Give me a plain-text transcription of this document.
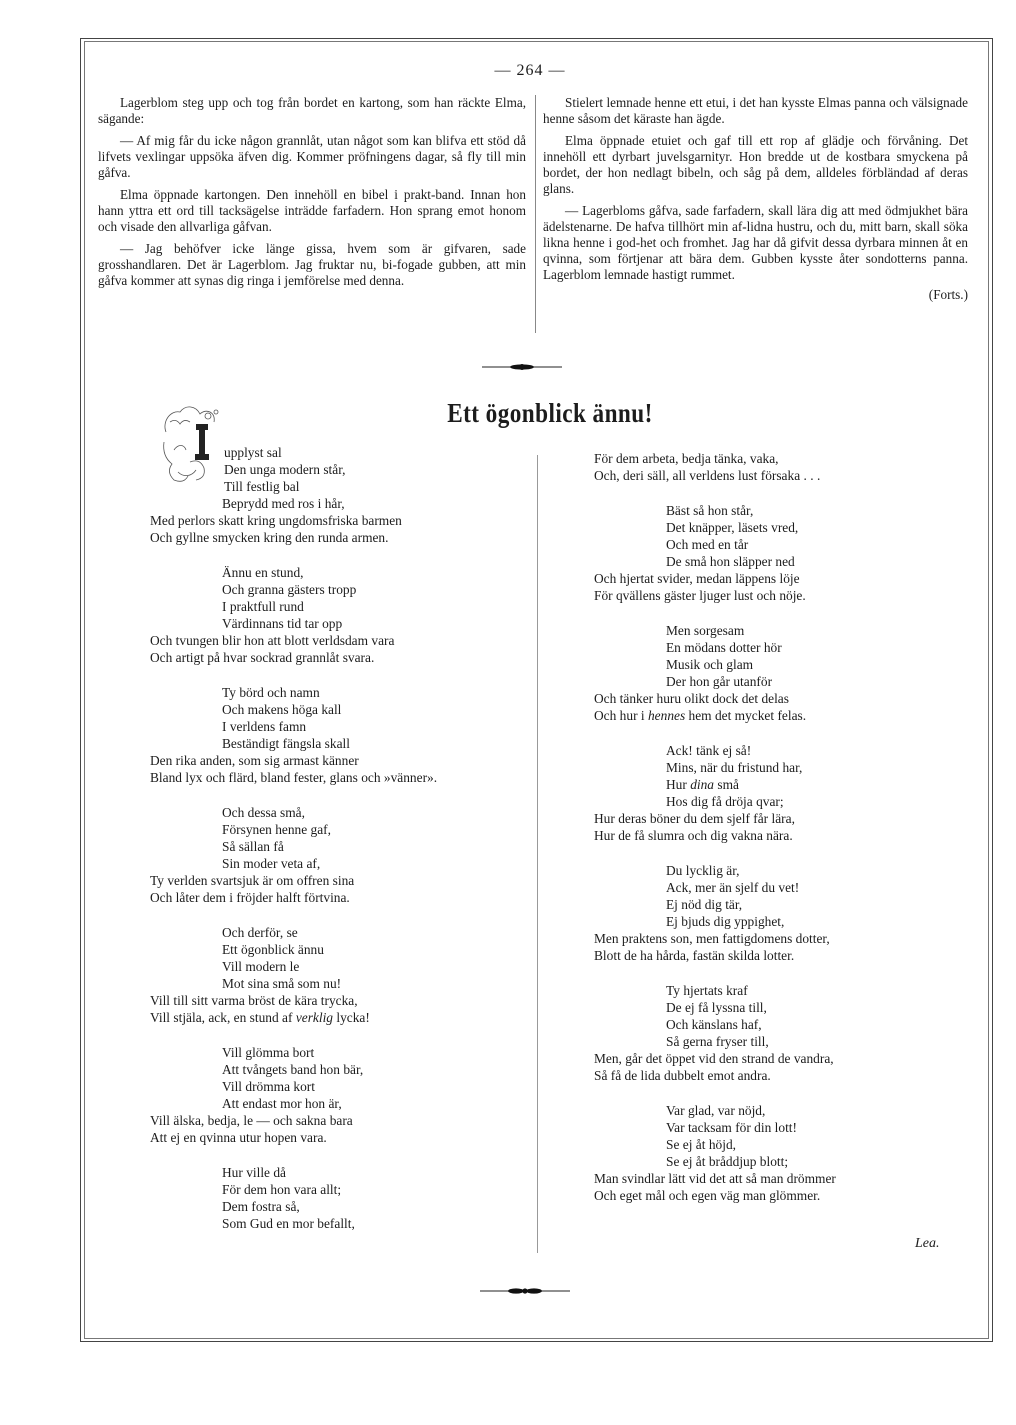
— 264 —

Lagerblom steg upp och tog från bordet en kartong, som han räckte Elma, sägande:

— Af mig får du icke någon grannlåt, utan något som kan blifva ett stöd då lifvets vexlingar uppsöka äfven dig. Kommer pröfningens dagar, så fly till min gåfva.

Elma öppnade kartongen. Den innehöll en bibel i prakt-band. Innan hon hann yttra ett ord till tacksägelse inträdde farfadern. Hon sprang emot honom och visade den allvarliga gåfvan.

— Jag behöfver icke länge gissa, hvem som är gifvaren, sade grosshandlaren. Det är Lagerblom. Jag fruktar nu, bi-fogade gubben, att min gåfva kommer att synas dig ringa i jemförelse med denna.

Stielert lemnade henne ett etui, i det han kysste Elmas panna och välsignade henne såsom det käraste han ägde.

Elma öppnade etuiet och gaf till ett rop af glädje och förvåning. Det innehöll ett dyrbart juvelsgarnityr. Hon bredde ut de kostbara smyckena på bordet, der hon nedlagt bibeln, och såg på dem, alldeles förbländad af deras glans.

— Lagerbloms gåfva, sade farfadern, skall lära dig att med ödmjukhet bära ädelstenarne. De hafva tillhört min af-lidna hustru, och du, mitt barn, skall söka likna henne i god-het och fromhet. Jag har då gifvit dessa dyrbara minnen åt en qvinna, som förtjenar att bära dem. Gubben kysste åter sondotterns panna. Lagerblom lemnade hastigt rummet.

(Forts.)
Ett ögonblick ännu!
upplyst sal
Den unga modern står,
Till festlig bal
Beprydd med ros i hår,
Med perlors skatt kring ungdomsfriska barmen
Och gyllne smycken kring den runda armen.
Ännu en stund,
Och granna gästers tropp
I praktfull rund
Värdinnans tid tar opp
Och tvungen blir hon att blott verldsdam vara
Och artigt på hvar sockrad grannlåt svara.
Ty börd och namn
Och makens höga kall
I verldens famn
Beständigt fängsla skall
Den rika anden, som sig armast känner
Bland lyx och flärd, bland fester, glans och »vänner».
Och dessa små,
Försynen henne gaf,
Så sällan få
Sin moder veta af,
Ty verlden svartsjuk är om offren sina
Och låter dem i fröjder halft förtvina.
Och derför, se
Ett ögonblick ännu
Vill modern le
Mot sina små som nu!
Vill till sitt varma bröst de kära trycka,
Vill stjäla, ack, en stund af verklig lycka!
Vill glömma bort
Att tvångets band hon bär,
Vill drömma kort
Att endast mor hon är,
Vill älska, bedja, le — och sakna bara
Att ej en qvinna utur hopen vara.
Hur ville då
För dem hon vara allt;
Dem fostra så,
Som Gud en mor befallt,
För dem arbeta, bedja tänka, vaka,
Och, deri säll, all verldens lust försaka . . .
Bäst så hon står,
Det knäpper, läsets vred,
Och med en tår
De små hon släpper ned
Och hjertat svider, medan läppens löje
För qvällens gäster ljuger lust och nöje.
Men sorgesam
En mödans dotter hör
Musik och glam
Der hon går utanför
Och tänker huru olikt dock det delas
Och hur i hennes hem det mycket felas.
Ack! tänk ej så!
Mins, när du fristund har,
Hur dina små
Hos dig få dröja qvar;
Hur deras böner du dem sjelf får lära,
Hur de få slumra och dig vakna nära.
Du lycklig är,
Ack, mer än sjelf du vet!
Ej nöd dig tär,
Ej bjuds dig yppighet,
Men praktens son, men fattigdomens dotter,
Blott de ha hårda, fastän skilda lotter.
Ty hjertats kraf
De ej få lyssna till,
Och känslans haf,
Så gerna fryser till,
Men, går det öppet vid den strand de vandra,
Så få de lida dubbelt emot andra.
Var glad, var nöjd,
Var tacksam för din lott!
Se ej åt höjd,
Se ej åt bråddjup blott;
Man svindlar lätt vid det att så man drömmer
Och eget mål och egen väg man glömmer.
Lea.
